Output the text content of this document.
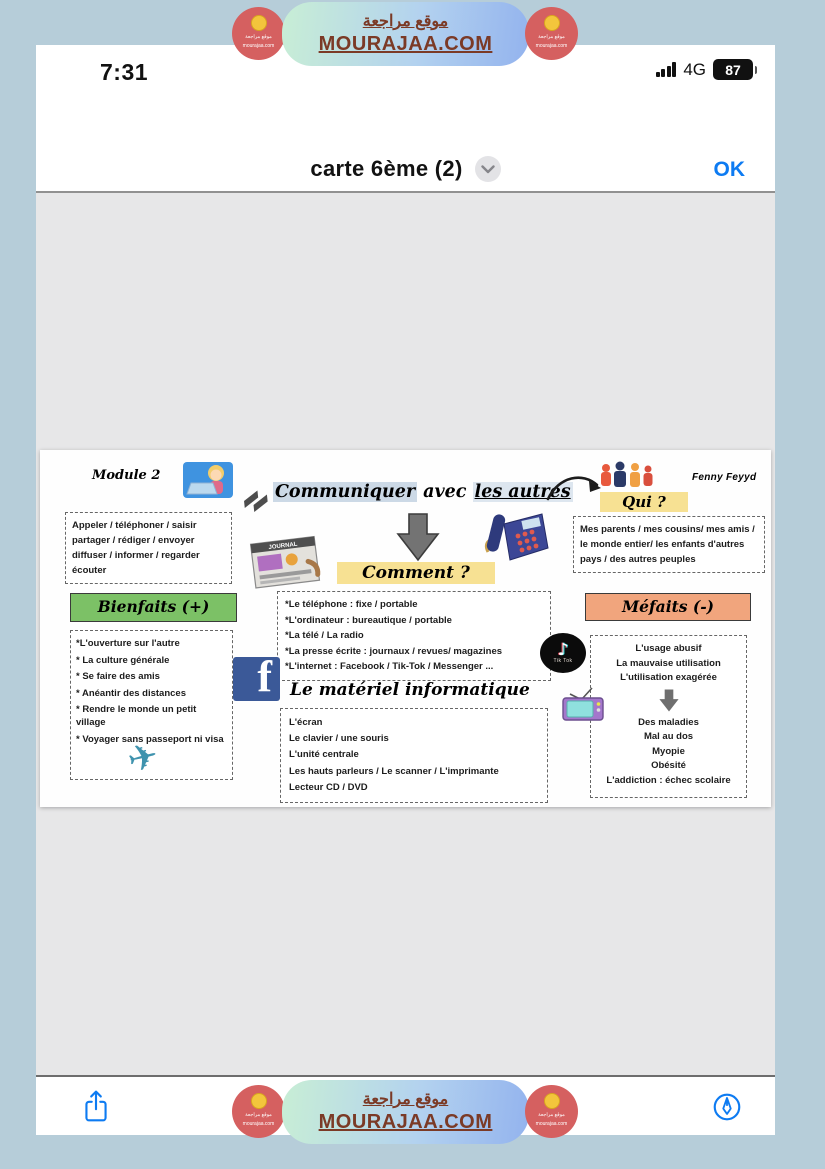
موقع مراجعة
mourajaa.com
موقع مراجعة
MOURAJAA.COM	موقع مراجعة
mourajaa.com
7:31	4G	87
carte 6ème (2)	OK
Module 2
Communiquer avec les autres
Fenny Feyyd
Qui ?
Mes parents / mes cousins/ mes amis / le monde entier/ les enfants d'autres pays / des autres peuples
Appeler / téléphoner / saisir partager / rédiger / envoyer diffuser / informer / regarder écouter
JOURNAL
Comment ?
*Le téléphone : fixe / portable
*L'ordinateur : bureautique / portable
*La télé / La radio
*La presse écrite : journaux / revues/ magazines
*L'internet : Facebook / Tik-Tok / Messenger ...
Bienfaits (+)
*L'ouverture sur l'autre
* La culture générale
* Se faire des amis
* Anéantir des distances
* Rendre le monde un petit village
* Voyager sans passeport ni visa
✈
f
Méfaits (-)
L'usage abusif
La mauvaise utilisation
L'utilisation exagérée
Des maladies
Mal au dos
Myopie
Obésité
L'addiction : échec scolaire
♪
Tik Tok
Le matériel informatique
L'écran
Le clavier / une souris
L'unité centrale
Les hauts parleurs / Le scanner / L'imprimante
Lecteur CD / DVD
موقع مراجعة
mourajaa.com
موقع مراجعة
MOURAJAA.COM	موقع مراجعة
mourajaa.com
